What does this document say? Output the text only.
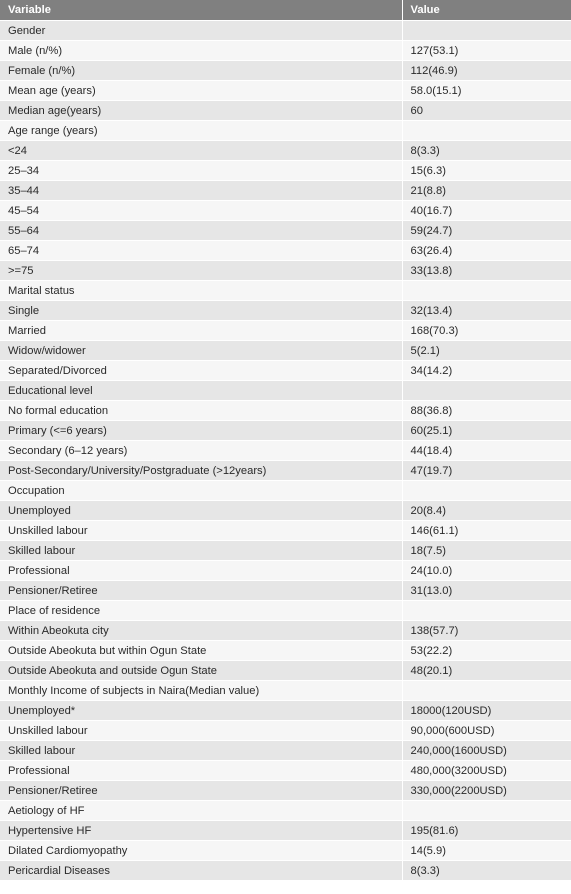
Variable	Value
Gender	
Male (n/%)	127(53.1)
Female (n/%)	112(46.9)
Mean age (years)	58.0(15.1)
Median age(years)	60
Age range (years)	
<24	8(3.3)
25–34	15(6.3)
35–44	21(8.8)
45–54	40(16.7)
55–64	59(24.7)
65–74	63(26.4)
>=75	33(13.8)
Marital status	
Single	32(13.4)
Married	168(70.3)
Widow/widower	5(2.1)
Separated/Divorced	34(14.2)
Educational level	
No formal education	88(36.8)
Primary (<=6 years)	60(25.1)
Secondary (6–12 years)	44(18.4)
Post-Secondary/University/Postgraduate (>12years)	47(19.7)
Occupation	
Unemployed	20(8.4)
Unskilled labour	146(61.1)
Skilled labour	18(7.5)
Professional	24(10.0)
Pensioner/Retiree	31(13.0)
Place of residence	
Within Abeokuta city	138(57.7)
Outside Abeokuta but within Ogun State	53(22.2)
Outside Abeokuta and outside Ogun State	48(20.1)
Monthly Income of subjects in Naira(Median value)	
Unemployed*	18000(120USD)
Unskilled labour	90,000(600USD)
Skilled labour	240,000(1600USD)
Professional	480,000(3200USD)
Pensioner/Retiree	330,000(2200USD)
Aetiology of HF	
Hypertensive HF	195(81.6)
Dilated Cardiomyopathy	14(5.9)
Pericardial Diseases	8(3.3)
